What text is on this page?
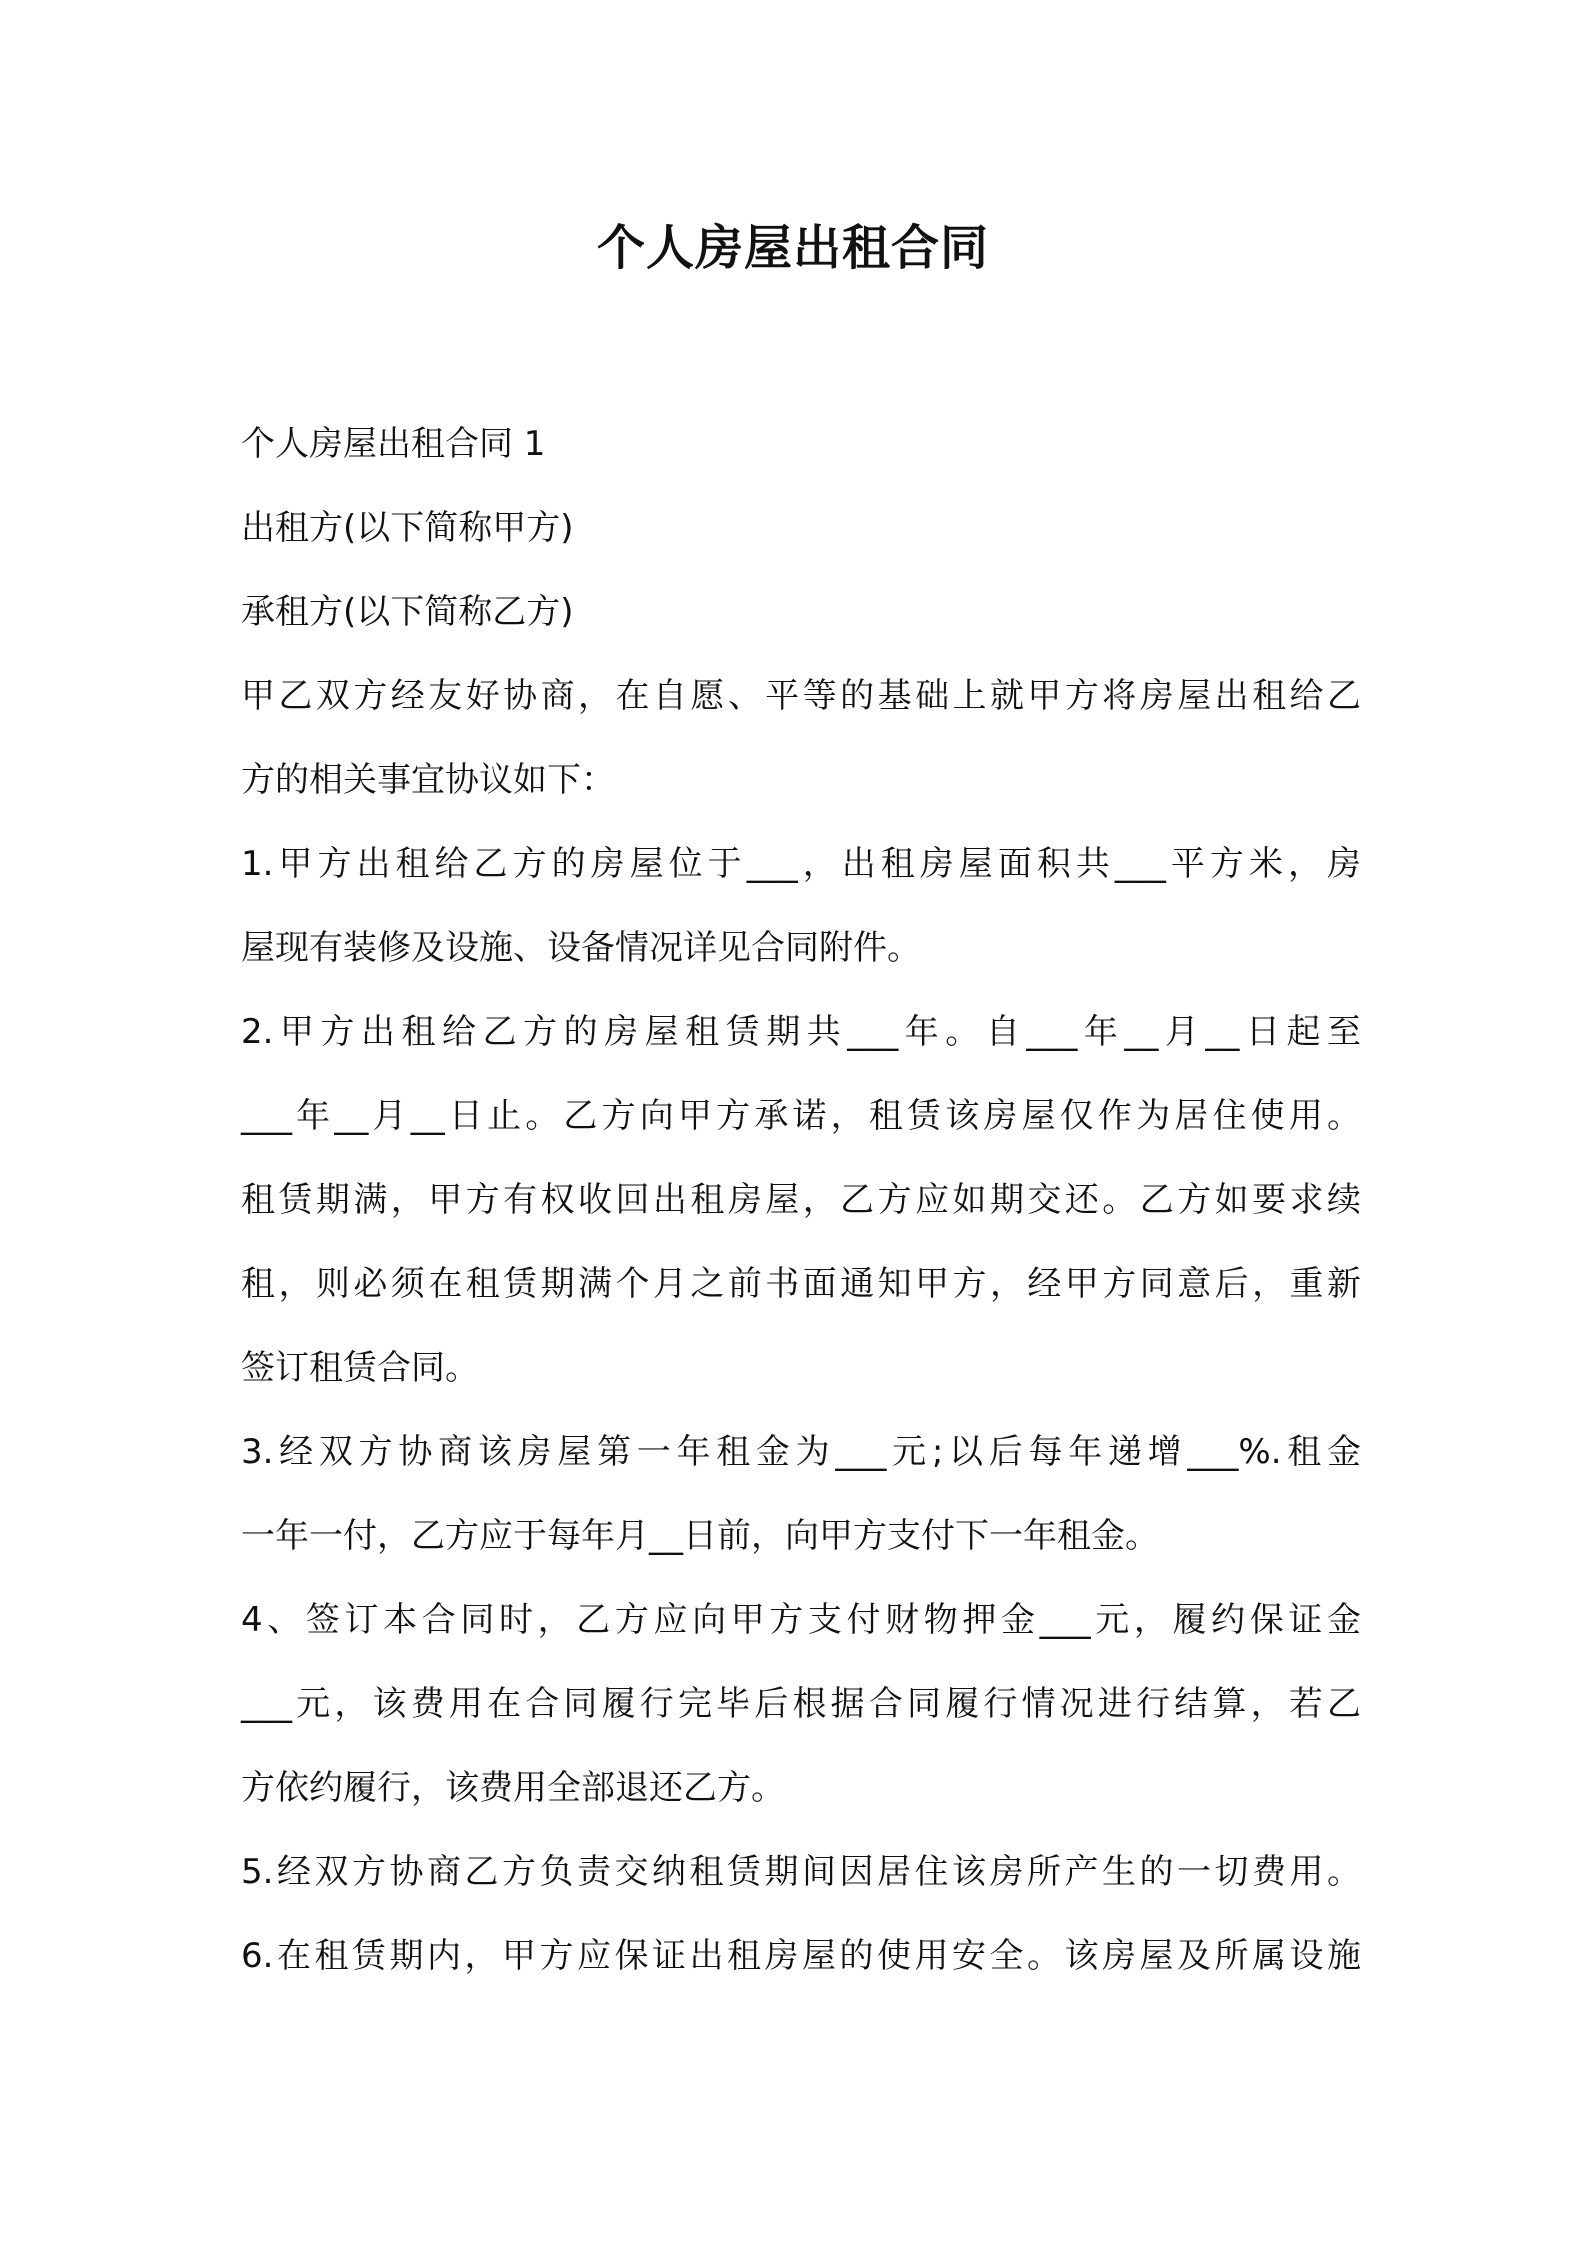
个人房屋出租合同
个人房屋出租合同 1
出租方(以下简称甲方)
承租方(以下简称乙方)
甲乙双方经友好协商，在自愿、平等的基础上就甲方将房屋出租给乙
方的相关事宜协议如下：
1.甲方出租给乙方的房屋位于___，出租房屋面积共___平方米，房
屋现有装修及设施、设备情况详见合同附件。
2.甲方出租给乙方的房屋租赁期共___年。自___年__月__日起至
___年__月__日止。乙方向甲方承诺，租赁该房屋仅作为居住使用。
租赁期满，甲方有权收回出租房屋，乙方应如期交还。乙方如要求续
租，则必须在租赁期满个月之前书面通知甲方，经甲方同意后，重新
签订租赁合同。
3.经双方协商该房屋第一年租金为___元;以后每年递增___%.租金
一年一付，乙方应于每年月__日前，向甲方支付下一年租金。
4、签订本合同时，乙方应向甲方支付财物押金___元，履约保证金
___元，该费用在合同履行完毕后根据合同履行情况进行结算，若乙
方依约履行，该费用全部退还乙方。
5.经双方协商乙方负责交纳租赁期间因居住该房所产生的一切费用。
6.在租赁期内，甲方应保证出租房屋的使用安全。该房屋及所属设施
